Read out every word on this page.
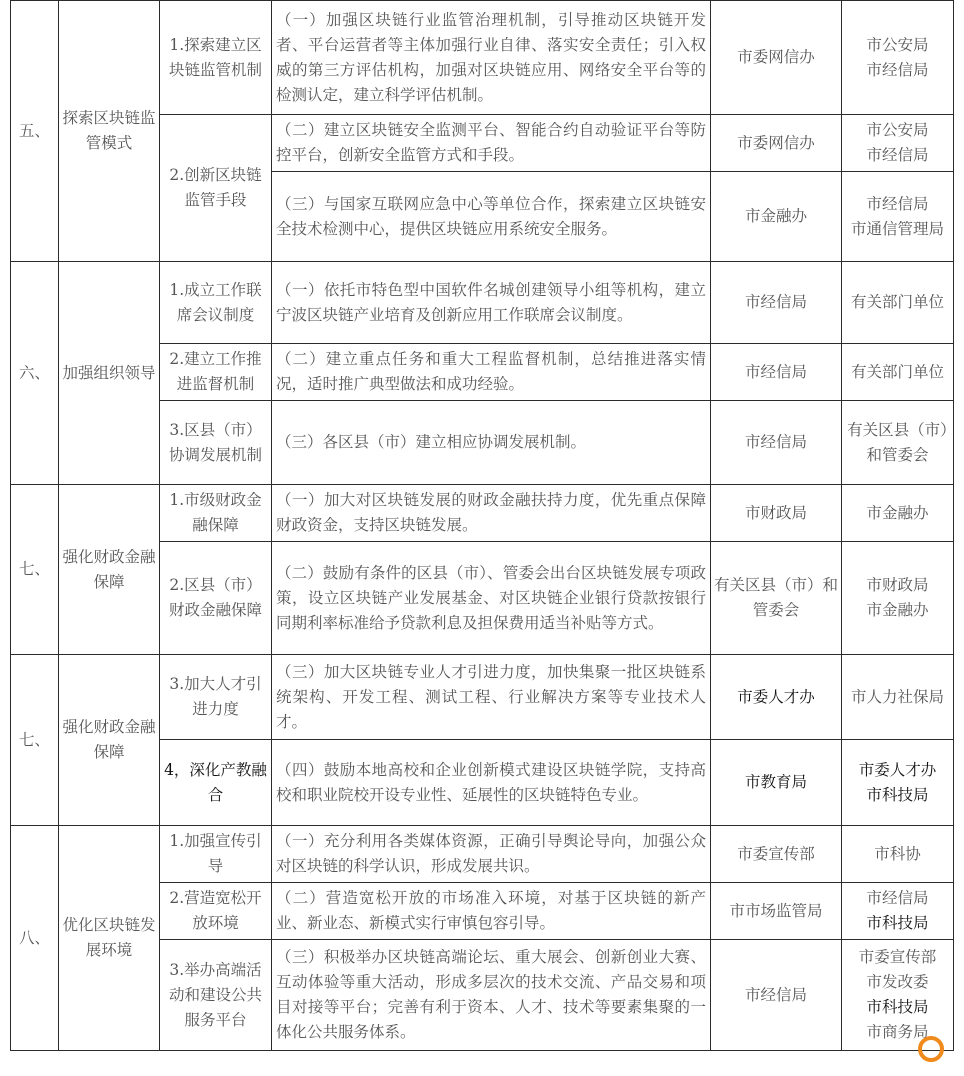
五、	探索区块链监管模式	1.探索建立区块链监管机制	（一）加强区块链行业监管治理机制，引导推动区块链开发者、平台运营者等主体加强行业自律、落实安全责任；引入权威的第三方评估机构，加强对区块链应用、网络安全平台等的检测认定，建立科学评估机制。	市委网信办	市公安局
市经信局

		2.创新区块链监管手段	（二）建立区块链安全监测平台、智能合约自动验证平台等防控平台，创新安全监管方式和手段。	市委网信办	市公安局
市经信局

			（三）与国家互联网应急中心等单位合作，探索建立区块链安全技术检测中心，提供区块链应用系统安全服务。	市金融办	市经信局
市通信管理局

六、	加强组织领导	1.成立工作联席会议制度	（一）依托市特色型中国软件名城创建领导小组等机构，建立宁波区块链产业培育及创新应用工作联席会议制度。	市经信局	有关部门单位
		2.建立工作推进监督机制	（二）建立重点任务和重大工程监督机制，总结推进落实情况，适时推广典型做法和成功经验。	市经信局	有关部门单位
		3.区县（市）协调发展机制	（三）各区县（市）建立相应协调发展机制。	市经信局	有关区县（市）和管委会
七、	强化财政金融保障	1.市级财政金融保障	（一）加大对区块链发展的财政金融扶持力度，优先重点保障财政资金，支持区块链发展。	市财政局	市金融办
		2.区县（市）财政金融保障	（二）鼓励有条件的区县（市）、管委会出台区块链发展专项政策，设立区块链产业发展基金、对区块链企业银行贷款按银行同期利率标准给予贷款利息及担保费用适当补贴等方式。	有关区县（市）和管委会	市财政局
市金融办

七、	强化财政金融保障	3.加大人才引进力度	（三）加大区块链专业人才引进力度，加快集聚一批区块链系统架构、开发工程、测试工程、行业解决方案等专业技术人才。	市委人才办	市人力社保局
		4，深化产教融合	（四）鼓励本地高校和企业创新模式建设区块链学院，支持高校和职业院校开设专业性、延展性的区块链特色专业。	市教育局	市委人才办
市科技局

八、	优化区块链发展环境	1.加强宣传引导	（一）充分利用各类媒体资源，正确引导舆论导向，加强公众对区块链的科学认识，形成发展共识。	市委宣传部	市科协
		2.营造宽松开放环境	（二）营造宽松开放的市场准入环境，对基于区块链的新产业、新业态、新模式实行审慎包容引导。	市市场监管局	市经信局
市科技局

		3.举办高端活动和建设公共服务平台	（三）积极举办区块链高端论坛、重大展会、创新创业大赛、互动体验等重大活动，形成多层次的技术交流、产品交易和项目对接等平台；完善有利于资本、人才、技术等要素集聚的一体化公共服务体系。	市经信局	市委宣传部
市发改委
市科技局
市商务局
